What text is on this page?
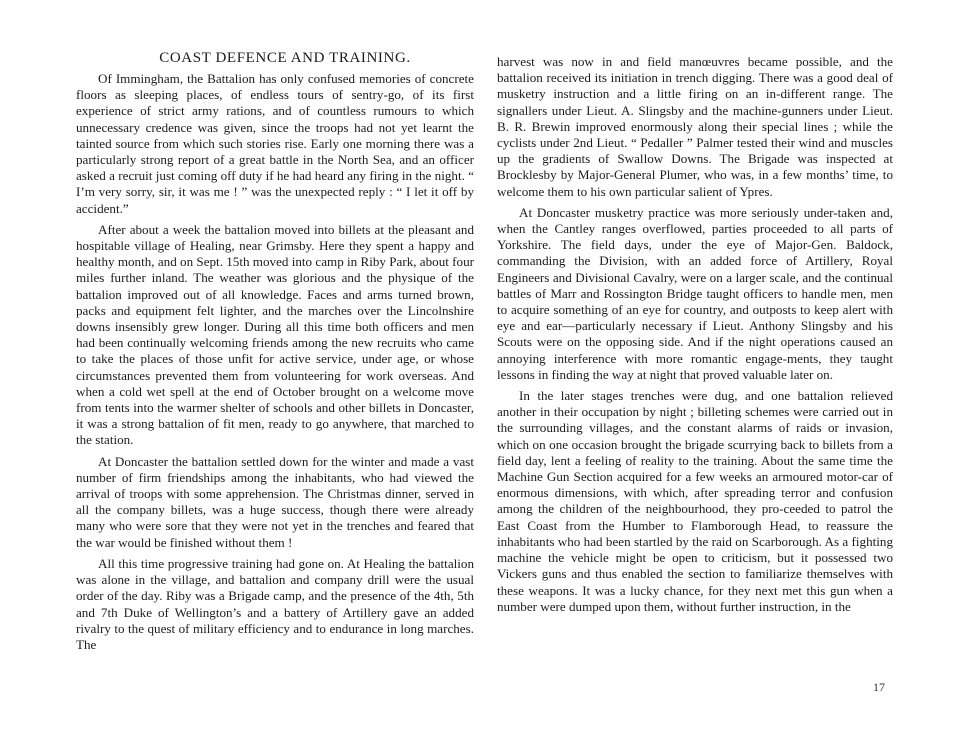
COAST DEFENCE AND TRAINING.

Of Immingham, the Battalion has only confused memories of concrete floors as sleeping places, of endless tours of sentry-go, of its first experience of strict army rations, and of countless rumours to which unnecessary credence was given, since the troops had not yet learnt the tainted source from which such stories rise. Early one morning there was a particularly strong report of a great battle in the North Sea, and an officer asked a recruit just coming off duty if he had heard any firing in the night. “ I’m very sorry, sir, it was me ! ” was the unexpected reply : “ I let it off by accident.”

After about a week the battalion moved into billets at the pleasant and hospitable village of Healing, near Grimsby. Here they spent a happy and healthy month, and on Sept. 15th moved into camp in Riby Park, about four miles further inland. The weather was glorious and the physique of the battalion improved out of all knowledge. Faces and arms turned brown, packs and equipment felt lighter, and the marches over the Lincolnshire downs insensibly grew longer. During all this time both officers and men had been continually welcoming friends among the new recruits who came to take the places of those unfit for active service, under age, or whose circumstances prevented them from volunteering for work overseas. And when a cold wet spell at the end of October brought on a welcome move from tents into the warmer shelter of schools and other billets in Doncaster, it was a strong battalion of fit men, ready to go anywhere, that marched to the station.

At Doncaster the battalion settled down for the winter and made a vast number of firm friendships among the inhabitants, who had viewed the arrival of troops with some apprehension. The Christmas dinner, served in all the company billets, was a huge success, though there were already many who were sore that they were not yet in the trenches and feared that the war would be finished without them !

All this time progressive training had gone on. At Healing the battalion was alone in the village, and battalion and company drill were the usual order of the day. Riby was a Brigade camp, and the presence of the 4th, 5th and 7th Duke of Wellington’s and a battery of Artillery gave an added rivalry to the quest of military efficiency and to endurance in long marches. The

harvest was now in and field manœuvres became possible, and the battalion received its initiation in trench digging. There was a good deal of musketry instruction and a little firing on an in-different range. The signallers under Lieut. A. Slingsby and the machine-gunners under Lieut. B. R. Brewin improved enormously along their special lines ; while the cyclists under 2nd Lieut. “ Pedaller ” Palmer tested their wind and muscles up the gradients of Swallow Downs. The Brigade was inspected at Brocklesby by Major-General Plumer, who was, in a few months’ time, to welcome them to his own particular salient of Ypres.

At Doncaster musketry practice was more seriously under-taken and, when the Cantley ranges overflowed, parties proceeded to all parts of Yorkshire. The field days, under the eye of Major-Gen. Baldock, commanding the Division, with an added force of Artillery, Royal Engineers and Divisional Cavalry, were on a larger scale, and the continual battles of Marr and Rossington Bridge taught officers to handle men, men to acquire something of an eye for country, and outposts to keep alert with eye and ear—particularly necessary if Lieut. Anthony Slingsby and his Scouts were on the opposing side. And if the night operations caused an annoying interference with more romantic engage-ments, they taught lessons in finding the way at night that proved valuable later on.

In the later stages trenches were dug, and one battalion relieved another in their occupation by night ; billeting schemes were carried out in the surrounding villages, and the constant alarms of raids or invasion, which on one occasion brought the brigade scurrying back to billets from a field day, lent a feeling of reality to the training. About the same time the Machine Gun Section acquired for a few weeks an armoured motor-car of enormous dimensions, with which, after spreading terror and confusion among the children of the neighbourhood, they pro-ceeded to patrol the East Coast from the Humber to Flamborough Head, to reassure the inhabitants who had been startled by the raid on Scarborough. As a fighting machine the vehicle might be open to criticism, but it possessed two Vickers guns and thus enabled the section to familiarize themselves with these weapons. It was a lucky chance, for they next met this gun when a number were dumped upon them, without further instruction, in the

17
